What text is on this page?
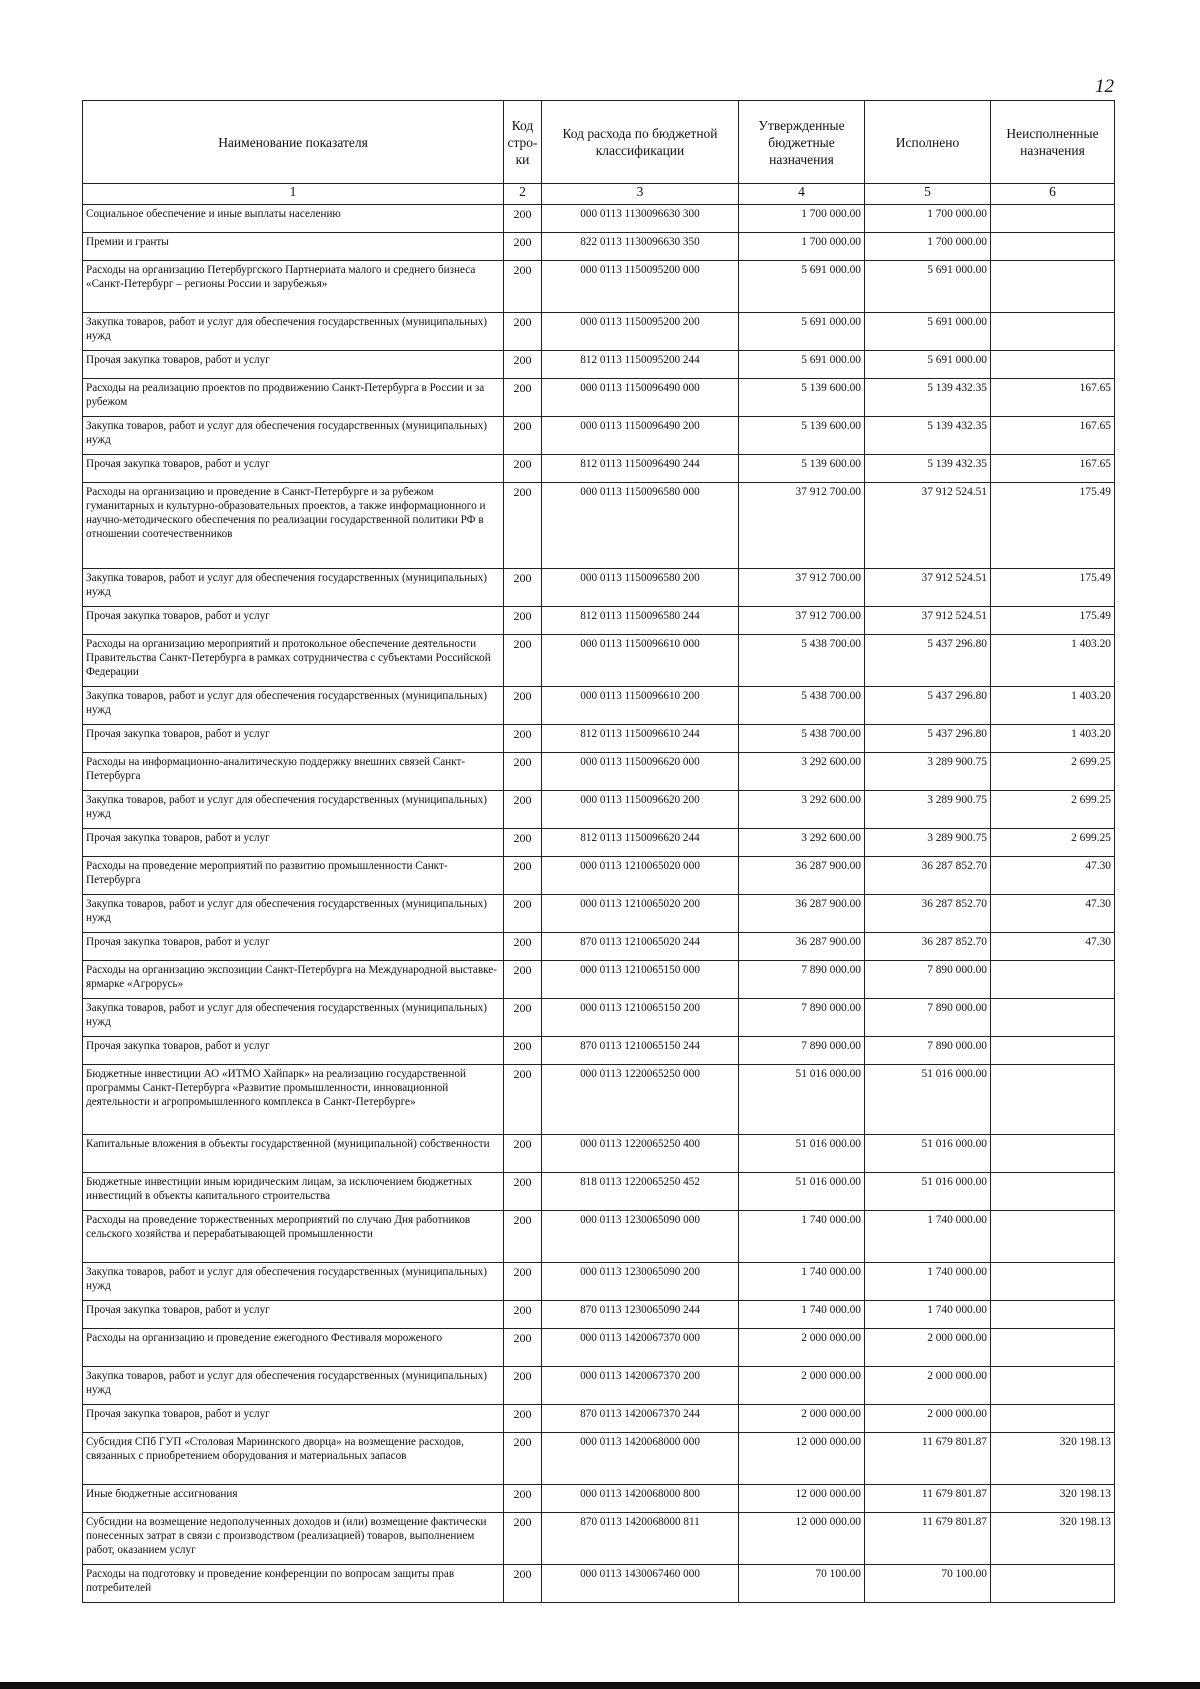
12
Наименование показателя	Код стро- ки	Код расхода по бюджетной классификации	Утвержденные бюджетные назначения	Исполнено	Неисполненные назначения
1	2	3	4	5	6
Социальное обеспечение и иные выплаты населению	200	000 0113 1130096630 300	1 700 000.00	1 700 000.00	
Премии и гранты	200	822 0113 1130096630 350	1 700 000.00	1 700 000.00	
Расходы на организацию Петербургского Партнериата малого и среднего бизнеса «Санкт-Петербург – регионы России и зарубежья»	200	000 0113 1150095200 000	5 691 000.00	5 691 000.00	
Закупка товаров, работ и услуг для обеспечения государственных (муниципальных) нужд	200	000 0113 1150095200 200	5 691 000.00	5 691 000.00	
Прочая закупка товаров, работ и услуг	200	812 0113 1150095200 244	5 691 000.00	5 691 000.00	
Расходы на реализацию проектов по продвижению Санкт-Петербурга в России и за рубежом	200	000 0113 1150096490 000	5 139 600.00	5 139 432.35	167.65
Закупка товаров, работ и услуг для обеспечения государственных (муниципальных) нужд	200	000 0113 1150096490 200	5 139 600.00	5 139 432.35	167.65
Прочая закупка товаров, работ и услуг	200	812 0113 1150096490 244	5 139 600.00	5 139 432.35	167.65
Расходы на организацию и проведение в Санкт-Петербурге и за рубежом гуманитарных и культурно-образовательных проектов, а также информационного и научно-методического обеспечения по реализации государственной политики РФ в отношении соотечественников	200	000 0113 1150096580 000	37 912 700.00	37 912 524.51	175.49
Закупка товаров, работ и услуг для обеспечения государственных (муниципальных) нужд	200	000 0113 1150096580 200	37 912 700.00	37 912 524.51	175.49
Прочая закупка товаров, работ и услуг	200	812 0113 1150096580 244	37 912 700.00	37 912 524.51	175.49
Расходы на организацию мероприятий и протокольное обеспечение деятельности Правительства Санкт-Петербурга в рамках сотрудничества с субъектами Российской Федерации	200	000 0113 1150096610 000	5 438 700.00	5 437 296.80	1 403.20
Закупка товаров, работ и услуг для обеспечения государственных (муниципальных) нужд	200	000 0113 1150096610 200	5 438 700.00	5 437 296.80	1 403.20
Прочая закупка товаров, работ и услуг	200	812 0113 1150096610 244	5 438 700.00	5 437 296.80	1 403.20
Расходы на информационно-аналитическую поддержку внешних связей Санкт-Петербурга	200	000 0113 1150096620 000	3 292 600.00	3 289 900.75	2 699.25
Закупка товаров, работ и услуг для обеспечения государственных (муниципальных) нужд	200	000 0113 1150096620 200	3 292 600.00	3 289 900.75	2 699.25
Прочая закупка товаров, работ и услуг	200	812 0113 1150096620 244	3 292 600.00	3 289 900.75	2 699.25
Расходы на проведение мероприятий по развитию промышленности Санкт-Петербурга	200	000 0113 1210065020 000	36 287 900.00	36 287 852.70	47.30
Закупка товаров, работ и услуг для обеспечения государственных (муниципальных) нужд	200	000 0113 1210065020 200	36 287 900.00	36 287 852.70	47.30
Прочая закупка товаров, работ и услуг	200	870 0113 1210065020 244	36 287 900.00	36 287 852.70	47.30
Расходы на организацию экспозиции Санкт-Петербурга на Международной выставке-ярмарке «Агрорусь»	200	000 0113 1210065150 000	7 890 000.00	7 890 000.00	
Закупка товаров, работ и услуг для обеспечения государственных (муниципальных) нужд	200	000 0113 1210065150 200	7 890 000.00	7 890 000.00	
Прочая закупка товаров, работ и услуг	200	870 0113 1210065150 244	7 890 000.00	7 890 000.00	
Бюджетные инвестиции АО «ИТМО Хайпарк» на реализацию государственной программы Санкт-Петербурга «Развитие промышленности, инновационной деятельности и агропромышленного комплекса в Санкт-Петербурге»	200	000 0113 1220065250 000	51 016 000.00	51 016 000.00	
Капитальные вложения в объекты государственной (муниципальной) собственности	200	000 0113 1220065250 400	51 016 000.00	51 016 000.00	
Бюджетные инвестиции иным юридическим лицам, за исключением бюджетных инвестиций в объекты капитального строительства	200	818 0113 1220065250 452	51 016 000.00	51 016 000.00	
Расходы на проведение торжественных мероприятий по случаю Дня работников сельского хозяйства и перерабатывающей промышленности	200	000 0113 1230065090 000	1 740 000.00	1 740 000.00	
Закупка товаров, работ и услуг для обеспечения государственных (муниципальных) нужд	200	000 0113 1230065090 200	1 740 000.00	1 740 000.00	
Прочая закупка товаров, работ и услуг	200	870 0113 1230065090 244	1 740 000.00	1 740 000.00	
Расходы на организацию и проведение ежегодного Фестиваля мороженого	200	000 0113 1420067370 000	2 000 000.00	2 000 000.00	
Закупка товаров, работ и услуг для обеспечения государственных (муниципальных) нужд	200	000 0113 1420067370 200	2 000 000.00	2 000 000.00	
Прочая закупка товаров, работ и услуг	200	870 0113 1420067370 244	2 000 000.00	2 000 000.00	
Субсидия СПб ГУП «Столовая Мариинского дворца» на возмещение расходов, связанных с приобретением оборудования и материальных запасов	200	000 0113 1420068000 000	12 000 000.00	11 679 801.87	320 198.13
Иные бюджетные ассигнования	200	000 0113 1420068000 800	12 000 000.00	11 679 801.87	320 198.13
Субсидии на возмещение недополученных доходов и (или) возмещение фактически понесенных затрат в связи с производством (реализацией) товаров, выполнением работ, оказанием услуг	200	870 0113 1420068000 811	12 000 000.00	11 679 801.87	320 198.13
Расходы на подготовку и проведение конференции по вопросам защиты прав потребителей	200	000 0113 1430067460 000	70 100.00	70 100.00	
